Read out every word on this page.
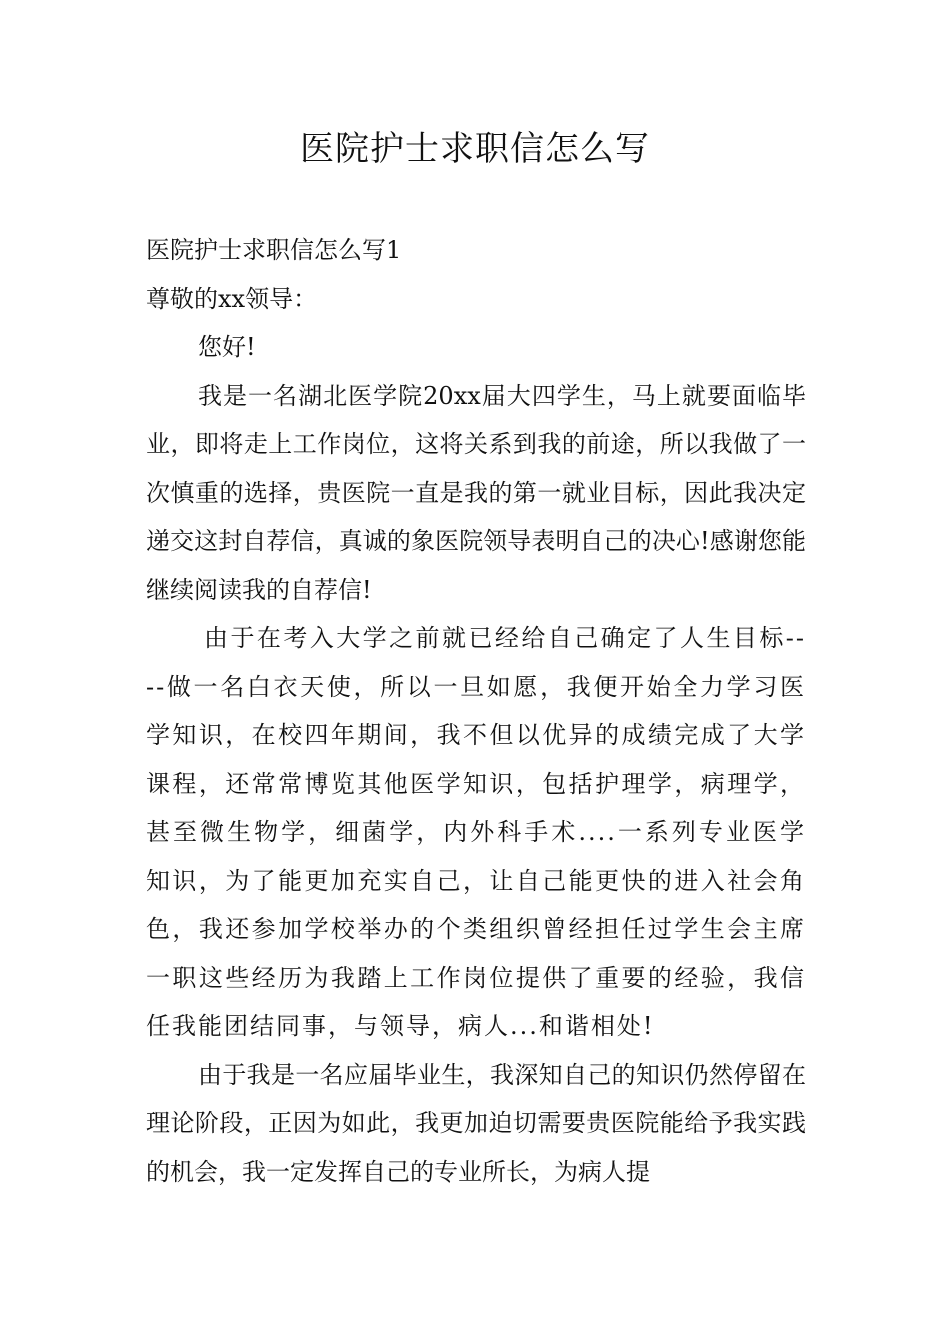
医院护士求职信怎么写

医院护士求职信怎么写1

尊敬的xx领导：

您好!

我是一名湖北医学院20xx届大四学生，马上就要面临毕业，即将走上工作岗位，这将关系到我的前途，所以我做了一次慎重的选择，贵医院一直是我的第一就业目标，因此我决定递交这封自荐信，真诚的象医院领导表明自己的决心!感谢您能继续阅读我的自荐信!

由于在考入大学之前就已经给自己确定了人生目标----做一名白衣天使，所以一旦如愿，我便开始全力学习医学知识，在校四年期间，我不但以优异的成绩完成了大学课程，还常常博览其他医学知识，包括护理学，病理学，甚至微生物学，细菌学，内外科手术....一系列专业医学知识，为了能更加充实自己，让自己能更快的进入社会角色，我还参加学校举办的个类组织曾经担任过学生会主席一职这些经历为我踏上工作岗位提供了重要的经验，我信任我能团结同事，与领导，病人...和谐相处!

由于我是一名应届毕业生，我深知自己的知识仍然停留在理论阶段，正因为如此，我更加迫切需要贵医院能给予我实践的机会，我一定发挥自己的专业所长，为病人提
